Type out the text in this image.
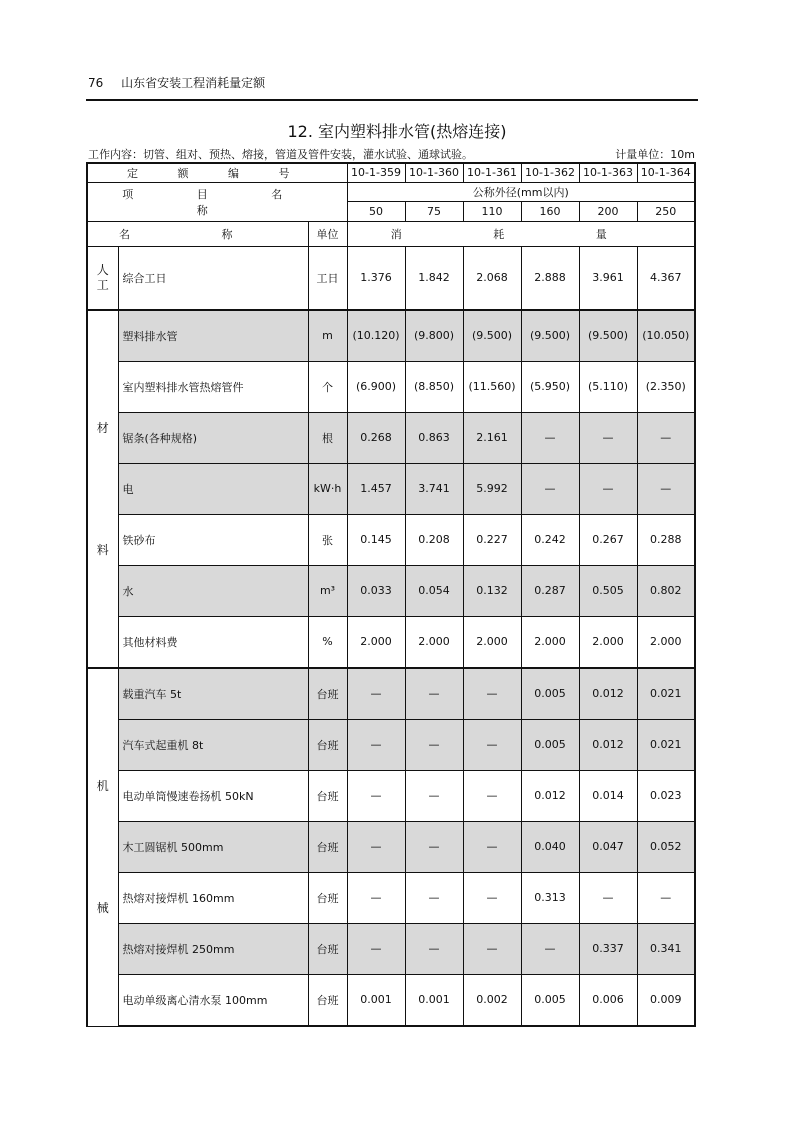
76 山东省安装工程消耗量定额
12. 室内塑料排水管(热熔连接)
工作内容：切管、组对、预热、熔接，管道及管件安装，灌水试验、通球试验。	计量单位：10m
定 额 编 号			10-1-359	10-1-360	10-1-361	10-1-362	10-1-363	10-1-364
项 目 名 称			公称外径(mm以内)					
			50	75	110	160	200	250
名 称		单位	消 耗 量					

人
工	综合工日	工日	1.376	1.842	2.068	2.888	3.961	4.367

材
料	塑料排水管	m	(10.120)	(9.800)	(9.500)	(9.500)	(9.500)	(10.050)
	室内塑料排水管热熔管件	个	(6.900)	(8.850)	(11.560)	(5.950)	(5.110)	(2.350)
	锯条(各种规格)	根	0.268	0.863	2.161	—	—	—
	电	kW·h	1.457	3.741	5.992	—	—	—
	铁砂布	张	0.145	0.208	0.227	0.242	0.267	0.288
	水	m³	0.033	0.054	0.132	0.287	0.505	0.802
	其他材料费	%	2.000	2.000	2.000	2.000	2.000	2.000

机
械	载重汽车 5t	台班	—	—	—	0.005	0.012	0.021
	汽车式起重机 8t	台班	—	—	—	0.005	0.012	0.021
	电动单筒慢速卷扬机 50kN	台班	—	—	—	0.012	0.014	0.023
	木工圆锯机 500mm	台班	—	—	—	0.040	0.047	0.052
	热熔对接焊机 160mm	台班	—	—	—	0.313	—	—
	热熔对接焊机 250mm	台班	—	—	—	—	0.337	0.341
	电动单级离心清水泵 100mm	台班	0.001	0.001	0.002	0.005	0.006	0.009
